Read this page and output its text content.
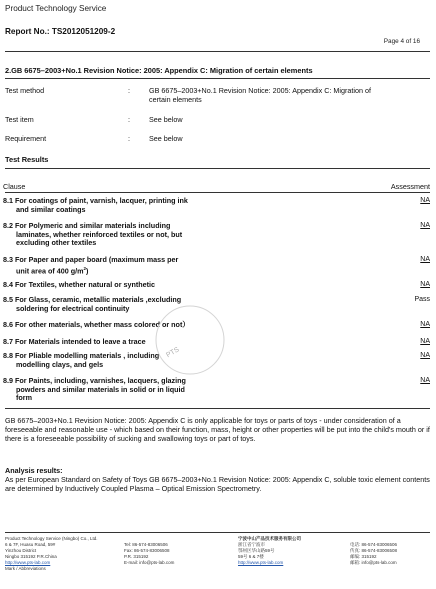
Product Technology Service
Report No.: TS2012051209-2
Page 4 of 16
2.GB 6675–2003+No.1 Revision Notice: 2005: Appendix C: Migration of certain elements
Test method	:	GB 6675–2003+No.1 Revision Notice: 2005: Appendix C: Migration of
certain elements
Test item	:	See below
Requirement	:	See below
Test Results
Clause	Assessment
8.1 For coatings of paint, varnish, lacquer, printing ink
and similar coatings
NA
8.2 For Polymeric and similar materials including
laminates, whether reinforced textiles or not, but
excluding other textiles
NA
8.3 For Paper and paper board (maximum mass per
unit area of 400 $g/m^2$)
NA
8.4 For Textiles, whether natural or synthetic	NA
8.5 For Glass, ceramic, metallic materials ,excluding
soldering for electrical continuity
Pass
8.6 For other materials, whether mass colored or not）	NA
8.7 For Materials intended to leave a trace	NA
8.8 For Pliable modelling materials , including
modelling clays, and gels
NA
8.9 For Paints, including, varnishes, lacquers, glazing
powders and similar materials in solid or in liquid
form
NA
PTS
GB 6675–2003+No.1 Revision Notice: 2005: Appendix C is only applicable for toys or parts of toys - under consideration of a foreseeable and reasonable use - which based on their function, mass, height or other properties will be put into the child's mouth or if there is a foreseeable possibility of sucking and swallowing toys or part of toys.
Analysis results:
As per European Standard on Safety of Toys GB 6675–2003+No.1 Revision Notice: 2005: Appendix C, soluble toxic element contents are determined by Inductively Coupled Plasma – Optical Emission Spectrometry.
Product Technology Service (Ningbo) Co., Ltd.
6 & 7F, Huasu Road, 59#
Yinzhou District
Ningbo 315192 P.R.China
http://www.pts-lab.com
Mark / Abbreviations
Tel: 86-574-83006506
Fax: 86-574-83006508
P.R. 315192
E-mail: info@pts-lab.com
宁波中山产品技术服务有限公司
浙江省宁波市
鄂州区华山路59号
59号 6 & 7楼
http://www.pts-lab.com
电话: 86-574-83006506
传真: 86-574-83006508
邮编: 315192
邮箱: info@pts-lab.com
